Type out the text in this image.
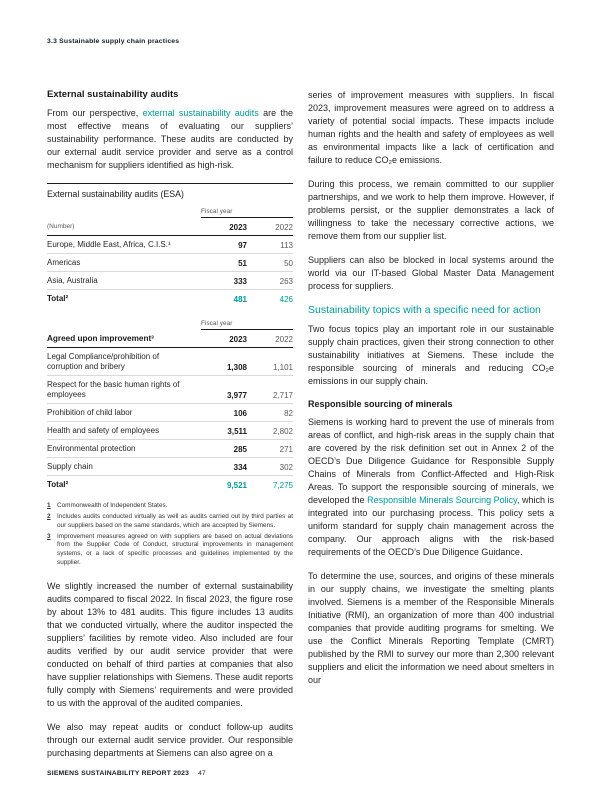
3.3 Sustainable supply chain practices
External sustainability audits

From our perspective, external sustainability audits are the most effective means of evaluating our suppliers’ sustainability performance. These audits are conducted by our external audit service provider and serve as a control mechanism for suppliers identified as high-risk.

External sustainability audits (ESA)
Fiscal year
(Number)	2023	2022
Europe, Middle East, Africa, C.I.S.¹	97	113
Americas	51	50
Asia, Australia	333	263
Total²	481	426
Fiscal year
Agreed upon improvement³	2023	2022
Legal Compliance/prohibition of corruption and bribery	1,308	1,101
Respect for the basic human rights of employees	3,977	2,717
Prohibition of child labor	106	82
Health and safety of employees	3,511	2,802
Environmental protection	285	271
Supply chain	334	302
Total²	9,521	7,275
1	Commonwealth of Independent States.
2	Includes audits conducted virtually as well as audits carried out by third parties at our suppliers based on the same standards, which are accepted by Siemens.
3	Improvement measures agreed on with suppliers are based on actual deviations from the Supplier Code of Conduct, structural improvements in management systems, or a lack of specific processes and guidelines implemented by the supplier.

We slightly increased the number of external sustainability audits compared to fiscal 2022. In fiscal 2023, the figure rose by about 13% to 481 audits. This figure includes 13 audits that we conducted virtually, where the auditor inspected the suppliers’ facilities by remote video. Also included are four audits verified by our audit service provider that were conducted on behalf of third parties at companies that also have supplier relationships with Siemens. These audit reports fully comply with Siemens’ requirements and were provided to us with the approval of the audited companies.

We also may repeat audits or conduct follow-up audits through our external audit service provider. Our responsible purchasing departments at Siemens can also agree on a

series of improvement measures with suppliers. In fiscal 2023, improvement measures were agreed on to address a variety of potential social impacts. These impacts include human rights and the health and safety of employees as well as environmental impacts like a lack of certification and failure to reduce CO₂e emissions.

During this process, we remain committed to our supplier partnerships, and we work to help them improve. However, if problems persist, or the supplier demonstrates a lack of willingness to take the necessary corrective actions, we remove them from our supplier list.

Suppliers can also be blocked in local systems around the world via our IT-based Global Master Data Management process for suppliers.

Sustainability topics with a specific need for action

Two focus topics play an important role in our sustainable supply chain practices, given their strong connection to other sustainability initiatives at Siemens. These include the responsible sourcing of minerals and reducing CO₂e emissions in our supply chain.

Responsible sourcing of minerals

Siemens is working hard to prevent the use of minerals from areas of conflict, and high-risk areas in the supply chain that are covered by the risk definition set out in Annex 2 of the OECD’s Due Diligence Guidance for Responsible Supply Chains of Minerals from Conflict-Affected and High-Risk Areas. To support the responsible sourcing of minerals, we developed the Responsible Minerals Sourcing Policy, which is integrated into our purchasing process. This policy sets a uniform standard for supply chain management across the company. Our approach aligns with the risk-based requirements of the OECD’s Due Diligence Guidance.

To determine the use, sources, and origins of these minerals in our supply chains, we investigate the smelting plants involved. Siemens is a member of the Responsible Minerals Initiative (RMI), an organization of more than 400 industrial companies that provide auditing programs for smelting. We use the Conflict Minerals Reporting Template (CMRT) published by the RMI to survey our more than 2,300 relevant suppliers and elicit the information we need about smelters in our

SIEMENS SUSTAINABILITY REPORT 2023 47
